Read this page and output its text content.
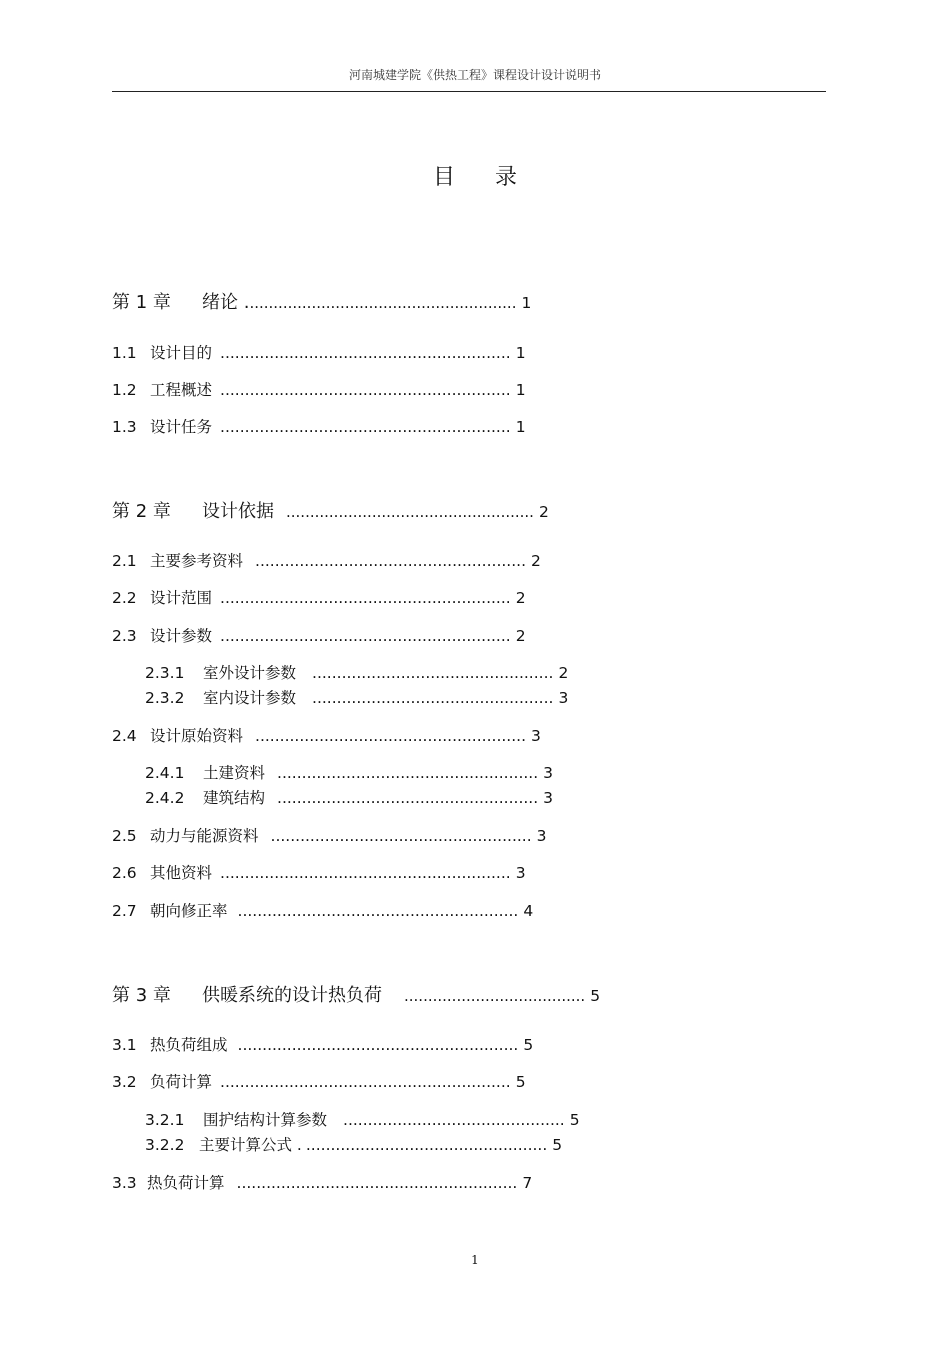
河南城建学院《供热工程》课程设计设计说明书
目录
第 1 章 绪论 ......................................................... 1
1.1 设计目的 ........................................................... 1
1.2 工程概述 ........................................................... 1
1.3 设计任务 ........................................................... 1
第 2 章 设计依据 .................................................... 2
2.1 主要参考资料 ....................................................... 2
2.2 设计范围 ........................................................... 2
2.3 设计参数 ........................................................... 2
2.3.1 室外设计参数 ................................................. 2
2.3.2 室内设计参数 ................................................. 3
2.4 设计原始资料 ....................................................... 3
2.4.1 土建资料 ..................................................... 3
2.4.2 建筑结构 ..................................................... 3
2.5 动力与能源资料 ..................................................... 3
2.6 其他资料 ........................................................... 3
2.7 朝向修正率 ......................................................... 4
第 3 章 供暖系统的设计热负荷 ...................................... 5
3.1 热负荷组成 ......................................................... 5
3.2 负荷计算 ........................................................... 5
3.2.1 围护结构计算参数 ............................................. 5
3.2.2 主要计算公式 . ................................................. 5
3.3 热负荷计算 ......................................................... 7
1
